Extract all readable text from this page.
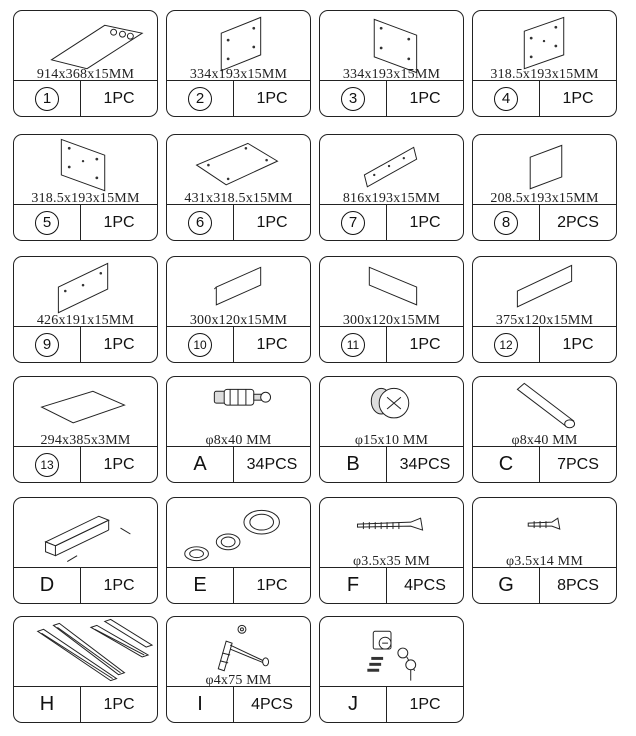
914x368x15MM
1	1PC
334x193x15MM
2	1PC
334x193x15MM
3	1PC
318.5x193x15MM
4	1PC
318.5x193x15MM
5	1PC
431x318.5x15MM
6	1PC
816x193x15MM
7	1PC
208.5x193x15MM
8	2PCS
426x191x15MM
9	1PC
300x120x15MM
10	1PC
300x120x15MM
11	1PC
375x120x15MM
12	1PC
294x385x3MM
13	1PC
φ8x40 MM
A	34PCS
φ15x10 MM
B	34PCS
φ8x40 MM
C	7PCS
D	1PC	E	1PC
φ3.5x35 MM
F	4PCS
φ3.5x14 MM
G	8PCS
H	1PC
φ4x75 MM
I	4PCS	J	1PC
